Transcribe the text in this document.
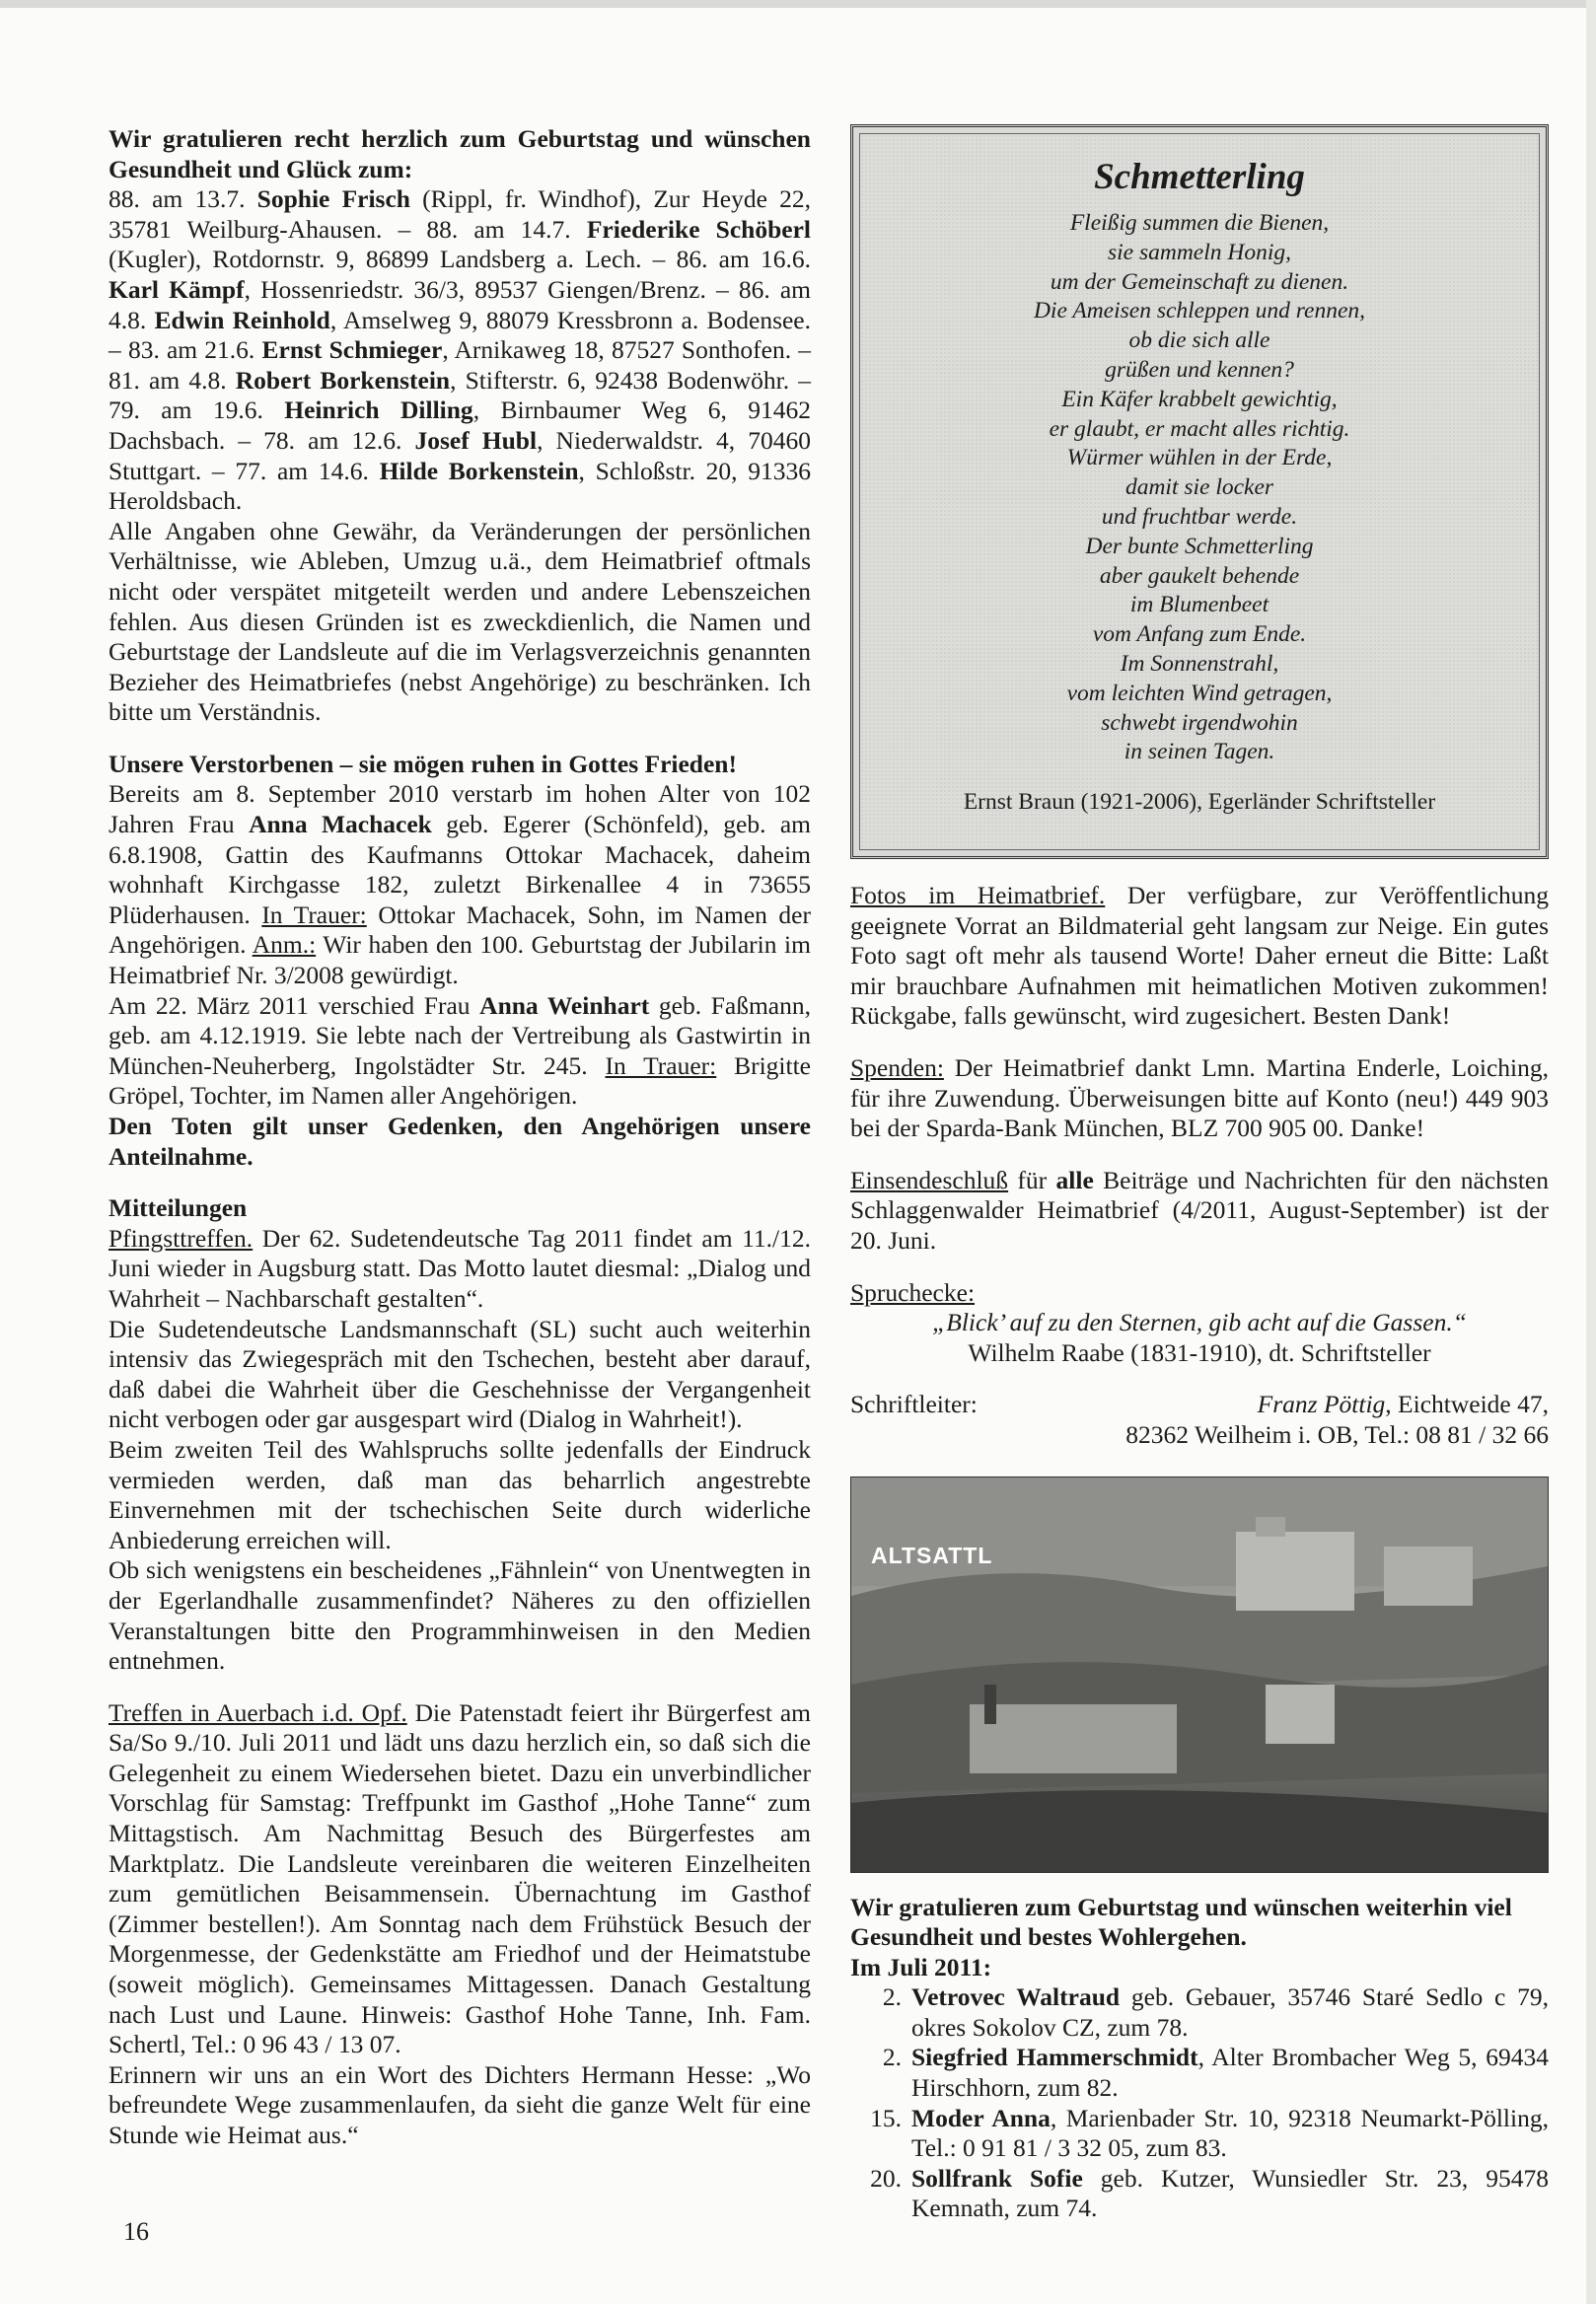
Wir gratulieren recht herzlich zum Geburtstag und wünschen Gesundheit und Glück zum:
88. am 13.7. Sophie Frisch (Rippl, fr. Windhof), Zur Heyde 22, 35781 Weilburg-Ahausen. – 88. am 14.7. Friederike Schöberl (Kugler), Rotdornstr. 9, 86899 Landsberg a. Lech. – 86. am 16.6. Karl Kämpf, Hossenriedstr. 36/3, 89537 Giengen/Brenz. – 86. am 4.8. Edwin Reinhold, Amselweg 9, 88079 Kressbronn a. Bodensee. – 83. am 21.6. Ernst Schmieger, Arnikaweg 18, 87527 Sonthofen. – 81. am 4.8. Robert Borkenstein, Stifterstr. 6, 92438 Bodenwöhr. – 79. am 19.6. Heinrich Dilling, Birnbaumer Weg 6, 91462 Dachsbach. – 78. am 12.6. Josef Hubl, Niederwaldstr. 4, 70460 Stuttgart. – 77. am 14.6. Hilde Borkenstein, Schloßstr. 20, 91336 Heroldsbach.

Alle Angaben ohne Gewähr, da Veränderungen der persönlichen Verhältnisse, wie Ableben, Umzug u.ä., dem Heimatbrief oftmals nicht oder verspätet mitgeteilt werden und andere Lebenszeichen fehlen. Aus diesen Gründen ist es zweckdienlich, die Namen und Geburtstage der Landsleute auf die im Verlagsverzeichnis genannten Bezieher des Heimatbriefes (nebst Angehörige) zu beschränken. Ich bitte um Verständnis.

Unsere Verstorbenen – sie mögen ruhen in Gottes Frieden!
Bereits am 8. September 2010 verstarb im hohen Alter von 102 Jahren Frau Anna Machacek geb. Egerer (Schönfeld), geb. am 6.8.1908, Gattin des Kaufmanns Ottokar Machacek, daheim wohnhaft Kirchgasse 182, zuletzt Birkenallee 4 in 73655 Plüderhausen. In Trauer: Ottokar Machacek, Sohn, im Namen der Angehörigen. Anm.: Wir haben den 100. Geburtstag der Jubilarin im Heimatbrief Nr. 3/2008 gewürdigt.

Am 22. März 2011 verschied Frau Anna Weinhart geb. Faßmann, geb. am 4.12.1919. Sie lebte nach der Vertreibung als Gastwirtin in München-Neuherberg, Ingolstädter Str. 245. In Trauer: Brigitte Gröpel, Tochter, im Namen aller Angehörigen.

Den Toten gilt unser Gedenken, den Angehörigen unsere Anteilnahme.

Mitteilungen
Pfingsttreffen. Der 62. Sudetendeutsche Tag 2011 findet am 11./12. Juni wieder in Augsburg statt. Das Motto lautet diesmal: „Dialog und Wahrheit – Nachbarschaft gestalten“.

Die Sudetendeutsche Landsmannschaft (SL) sucht auch weiterhin intensiv das Zwiegespräch mit den Tschechen, besteht aber darauf, daß dabei die Wahrheit über die Geschehnisse der Vergangenheit nicht verbogen oder gar ausgespart wird (Dialog in Wahrheit!).

Beim zweiten Teil des Wahlspruchs sollte jedenfalls der Eindruck vermieden werden, daß man das beharrlich angestrebte Einvernehmen mit der tschechischen Seite durch widerliche Anbiederung erreichen will.

Ob sich wenigstens ein bescheidenes „Fähnlein“ von Unentwegten in der Egerlandhalle zusammenfindet? Näheres zu den offiziellen Veranstaltungen bitte den Programmhinweisen in den Medien entnehmen.

Treffen in Auerbach i.d. Opf. Die Patenstadt feiert ihr Bürgerfest am Sa/So 9./10. Juli 2011 und lädt uns dazu herzlich ein, so daß sich die Gelegenheit zu einem Wiedersehen bietet. Dazu ein unverbindlicher Vorschlag für Samstag: Treffpunkt im Gasthof „Hohe Tanne“ zum Mittagstisch. Am Nachmittag Besuch des Bürgerfestes am Marktplatz. Die Landsleute vereinbaren die weiteren Einzelheiten zum gemütlichen Beisammensein. Übernachtung im Gasthof (Zimmer bestellen!). Am Sonntag nach dem Frühstück Besuch der Morgenmesse, der Gedenkstätte am Friedhof und der Heimatstube (soweit möglich). Gemeinsames Mittagessen. Danach Gestaltung nach Lust und Laune. Hinweis: Gasthof Hohe Tanne, Inh. Fam. Schertl, Tel.: 0 96 43 / 13 07.

Erinnern wir uns an ein Wort des Dichters Hermann Hesse: „Wo befreundete Wege zusammenlaufen, da sieht die ganze Welt für eine Stunde wie Heimat aus.“

Schmetterling
Fleißig summen die Bienen,
sie sammeln Honig,
um der Gemeinschaft zu dienen.
Die Ameisen schleppen und rennen,
ob die sich alle
grüßen und kennen?
Ein Käfer krabbelt gewichtig,
er glaubt, er macht alles richtig.
Würmer wühlen in der Erde,
damit sie locker
und fruchtbar werde.
Der bunte Schmetterling
aber gaukelt behende
im Blumenbeet
vom Anfang zum Ende.
Im Sonnenstrahl,
vom leichten Wind getragen,
schwebt irgendwohin
in seinen Tagen.
Ernst Braun (1921-2006), Egerländer Schriftsteller

Fotos im Heimatbrief. Der verfügbare, zur Veröffentlichung geeignete Vorrat an Bildmaterial geht langsam zur Neige. Ein gutes Foto sagt oft mehr als tausend Worte! Daher erneut die Bitte: Laßt mir brauchbare Aufnahmen mit heimatlichen Motiven zukommen! Rückgabe, falls gewünscht, wird zugesichert. Besten Dank!

Spenden: Der Heimatbrief dankt Lmn. Martina Enderle, Loiching, für ihre Zuwendung. Überweisungen bitte auf Konto (neu!) 449 903 bei der Sparda-Bank München, BLZ 700 905 00. Danke!

Einsendeschluß für alle Beiträge und Nachrichten für den nächsten Schlaggenwalder Heimatbrief (4/2011, August-September) ist der 20. Juni.

Spruchecke:

„Blick’ auf zu den Sternen, gib acht auf die Gassen.“

Wilhelm Raabe (1831-1910), dt. Schriftsteller

Schriftleiter:	Franz Pöttig, Eichtweide 47,

82362 Weilheim i. OB, Tel.: 08 81 / 32 66

ALTSATTL

Wir gratulieren zum Geburtstag und wünschen weiterhin viel Gesundheit und bestes Wohlergehen.

Im Juli 2011:

2. Vetrovec Waltraud geb. Gebauer, 35746 Staré Sedlo c 79, okres Sokolov CZ, zum 78.
2. Siegfried Hammerschmidt, Alter Brombacher Weg 5, 69434 Hirschhorn, zum 82.
15. Moder Anna, Marienbader Str. 10, 92318 Neumarkt-Pölling, Tel.: 0 91 81 / 3 32 05, zum 83.
20. Sollfrank Sofie geb. Kutzer, Wunsiedler Str. 23, 95478 Kemnath, zum 74.
16
